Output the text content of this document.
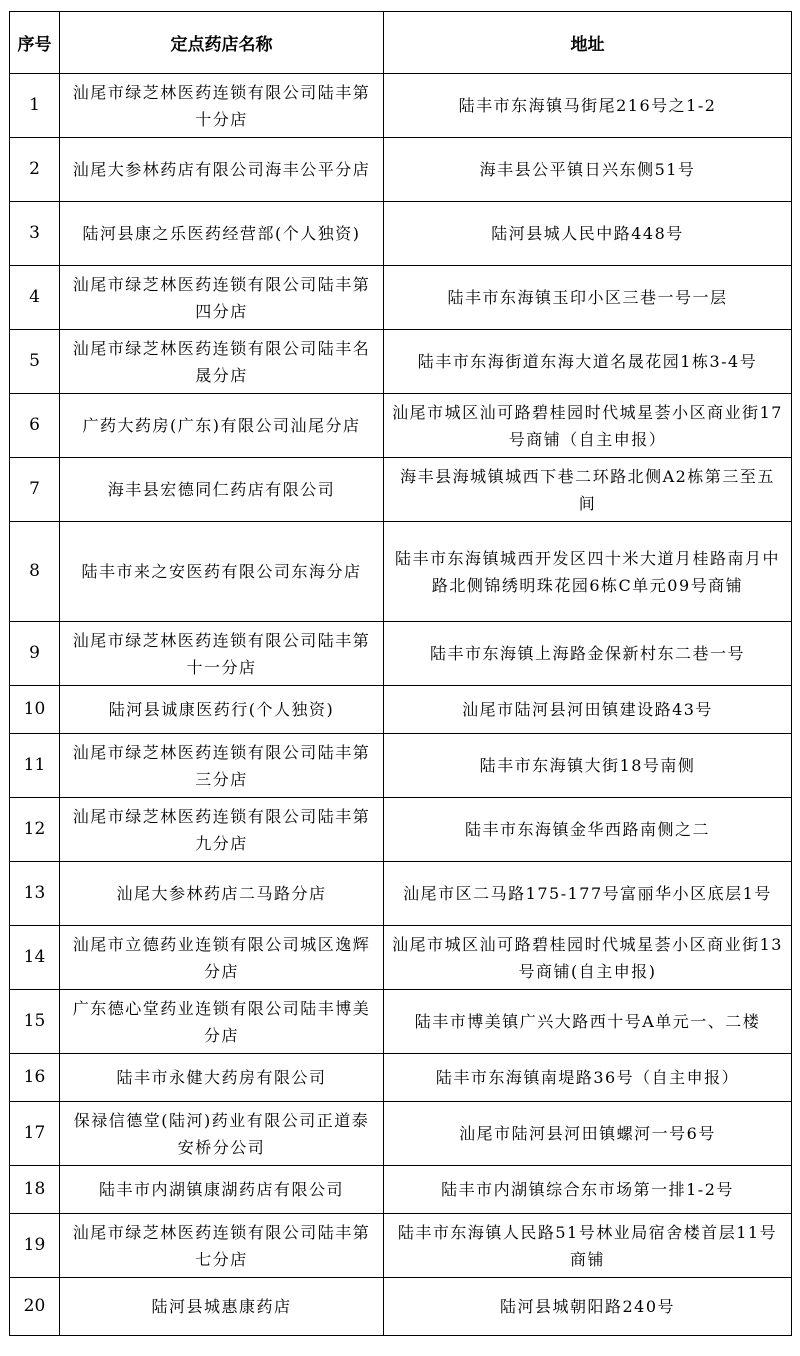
序号	定点药店名称	地址
1	汕尾市绿芝林医药连锁有限公司陆丰第十分店	陆丰市东海镇马街尾216号之1-2
2	汕尾大参林药店有限公司海丰公平分店	海丰县公平镇日兴东侧51号
3	陆河县康之乐医药经营部(个人独资)	陆河县城人民中路448号
4	汕尾市绿芝林医药连锁有限公司陆丰第四分店	陆丰市东海镇玉印小区三巷一号一层
5	汕尾市绿芝林医药连锁有限公司陆丰名晟分店	陆丰市东海街道东海大道名晟花园1栋3-4号
6	广药大药房(广东)有限公司汕尾分店	汕尾市城区汕可路碧桂园时代城星荟小区商业街17号商铺（自主申报）
7	海丰县宏德同仁药店有限公司	海丰县海城镇城西下巷二环路北侧A2栋第三至五间
8	陆丰市来之安医药有限公司东海分店	陆丰市东海镇城西开发区四十米大道月桂路南月中路北侧锦绣明珠花园6栋C单元09号商铺
9	汕尾市绿芝林医药连锁有限公司陆丰第十一分店	陆丰市东海镇上海路金保新村东二巷一号
10	陆河县诚康医药行(个人独资)	汕尾市陆河县河田镇建设路43号
11	汕尾市绿芝林医药连锁有限公司陆丰第三分店	陆丰市东海镇大街18号南侧
12	汕尾市绿芝林医药连锁有限公司陆丰第九分店	陆丰市东海镇金华西路南侧之二
13	汕尾大参林药店二马路分店	汕尾市区二马路175-177号富丽华小区底层1号
14	汕尾市立德药业连锁有限公司城区逸辉分店	汕尾市城区汕可路碧桂园时代城星荟小区商业街13号商铺(自主申报)
15	广东德心堂药业连锁有限公司陆丰博美分店	陆丰市博美镇广兴大路西十号A单元一、二楼
16	陆丰市永健大药房有限公司	陆丰市东海镇南堤路36号（自主申报）
17	保禄信德堂(陆河)药业有限公司正道泰安桥分公司	汕尾市陆河县河田镇螺河一号6号
18	陆丰市内湖镇康湖药店有限公司	陆丰市内湖镇综合东市场第一排1-2号
19	汕尾市绿芝林医药连锁有限公司陆丰第七分店	陆丰市东海镇人民路51号林业局宿舍楼首层11号商铺
20	陆河县城惠康药店	陆河县城朝阳路240号
